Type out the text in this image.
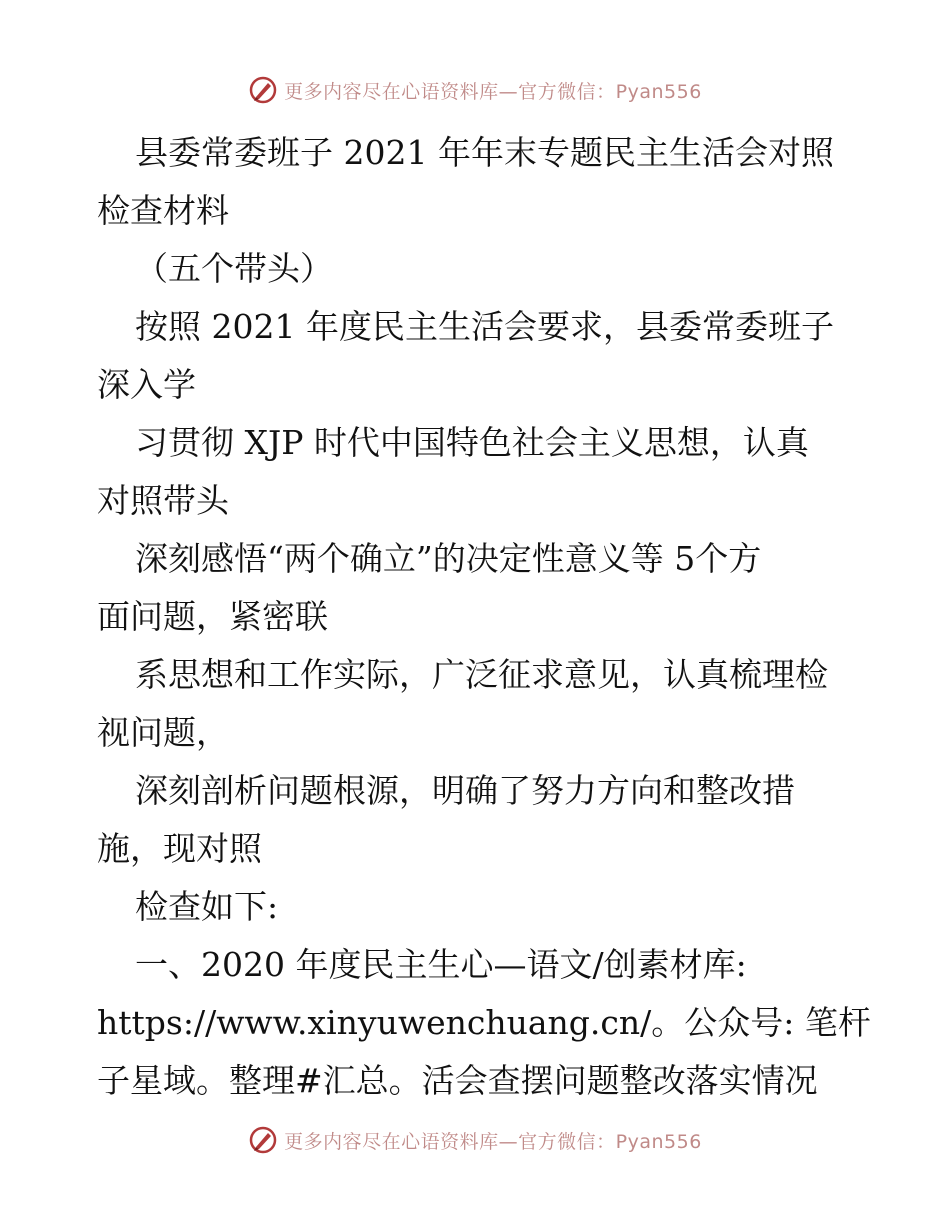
更多内容尽在心语资料库—官方微信：Pyan556
县委常委班子 2021 年年末专题民主生活会对照
检查材料
（五个带头）
按照 2021 年度民主生活会要求，县委常委班子
深入学
习贯彻 XJP 时代中国特色社会主义思想，认真
对照带头
深刻感悟“两个确立”的决定性意义等 5个方
面问题，紧密联
系思想和工作实际，广泛征求意见，认真梳理检
视问题，
深刻剖析问题根源，明确了努力方向和整改措
施，现对照
检查如下:
一、2020 年度民主生心—语文/创素材库:
https://www.xinyuwenchuang.cn/。公众号: 笔杆
子星域。整理#汇总。活会查摆问题整改落实情况
更多内容尽在心语资料库—官方微信：Pyan556
